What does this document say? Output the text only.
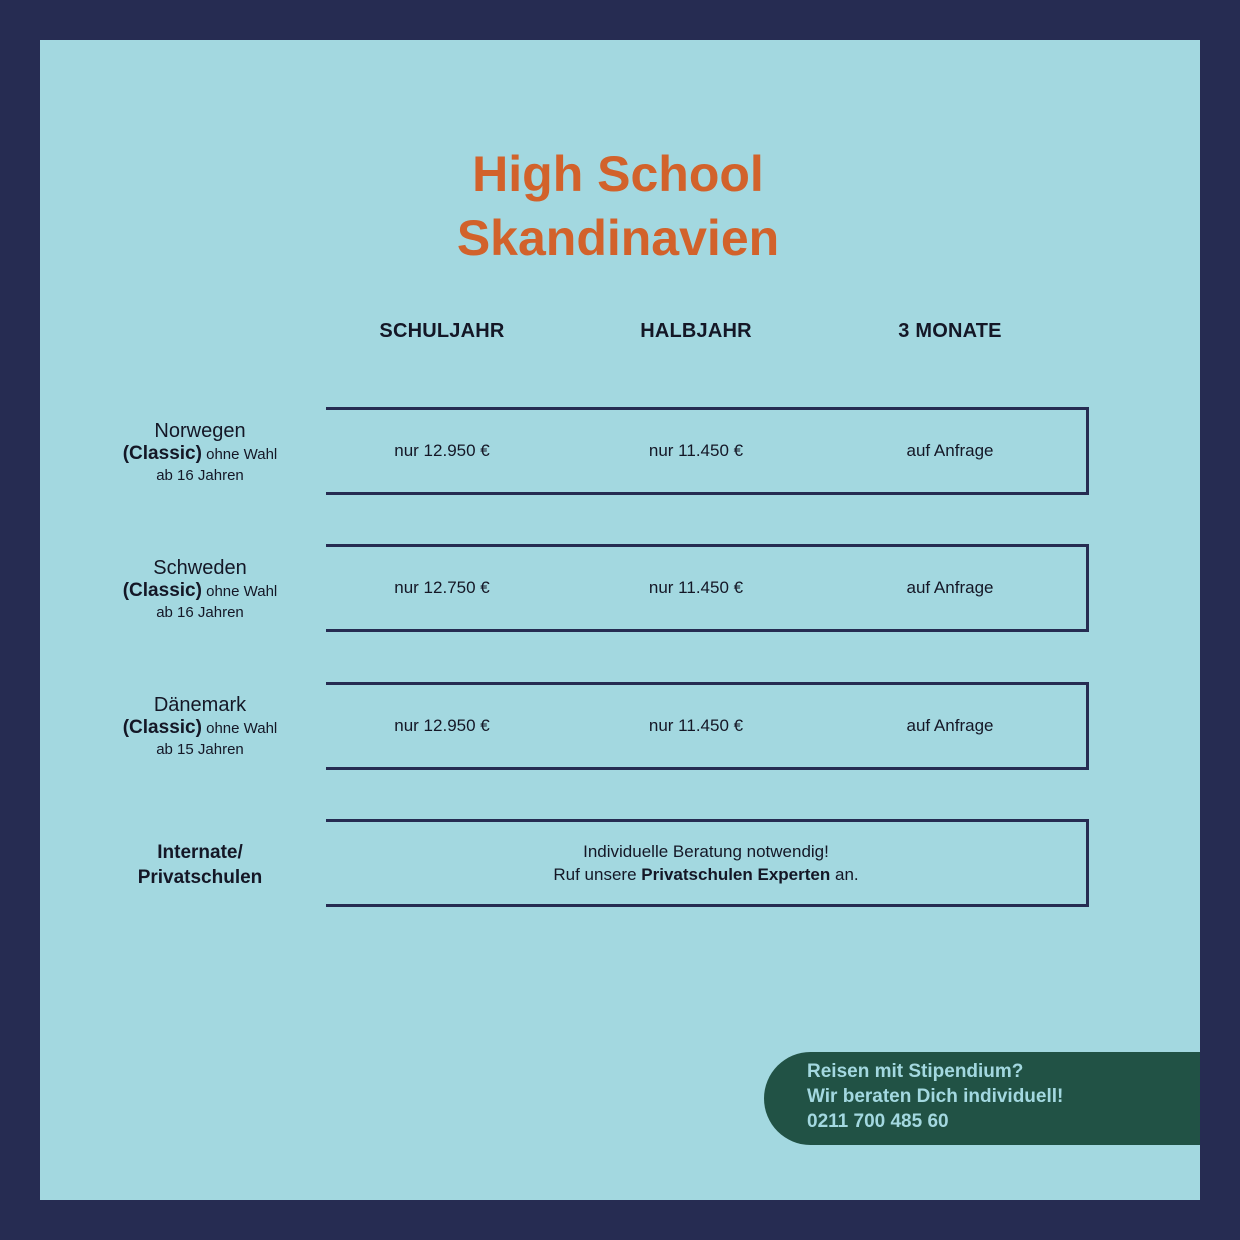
High School
Skandinavien
SCHULJAHR	HALBJAHR	3 MONATE
Norwegen
(Classic) ohne Wahl
ab 16 Jahren
nur 12.950 €	nur 11.450 €	auf Anfrage
Schweden
(Classic) ohne Wahl
ab 16 Jahren
nur 12.750 €	nur 11.450 €	auf Anfrage
Dänemark
(Classic) ohne Wahl
ab 15 Jahren
nur 12.950 €	nur 11.450 €	auf Anfrage
Internate/
Privatschulen
Individuelle Beratung notwendig!
Ruf unsere Privatschulen Experten an.
Reisen mit Stipendium?
Wir beraten Dich individuell!
0211 700 485 60
